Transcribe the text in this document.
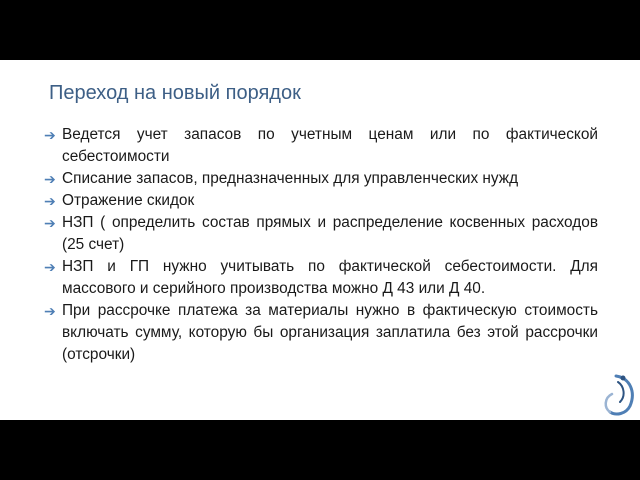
Переход на новый порядок
➔ Ведется учет запасов по учетным ценам или по фактической себестоимости
➔ Списание запасов, предназначенных для управленческих нужд
➔ Отражение скидок
➔ НЗП ( определить состав прямых и распределение косвенных расходов (25 счет)
➔ НЗП и ГП нужно учитывать по фактической себестоимости. Для массового и серийного производства можно Д 43 или Д 40.
➔ При рассрочке платежа за материалы нужно в фактическую стоимость включать сумму, которую бы организация заплатила без этой рассрочки (отсрочки)
